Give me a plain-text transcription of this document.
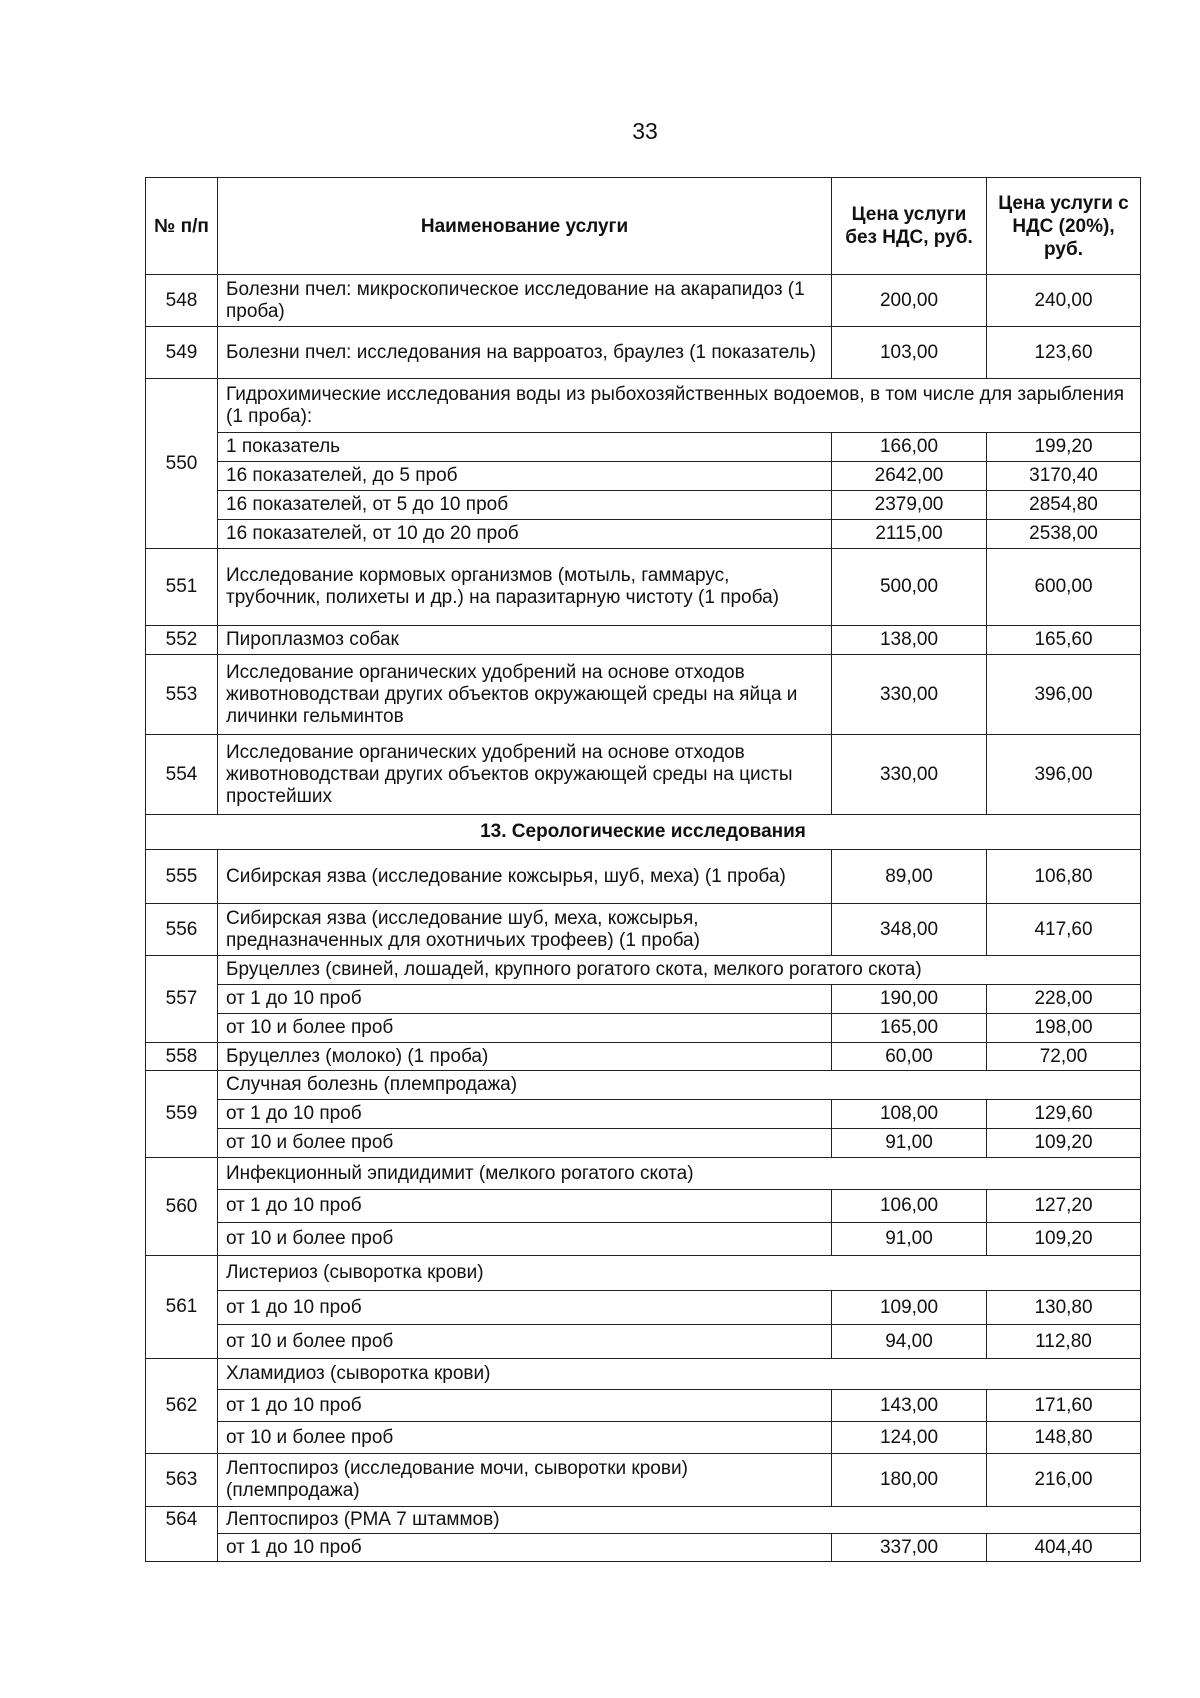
33
№ п/п	Наименование услуги	Цена услуги без НДС, руб.	Цена услуги с НДС (20%), руб.
548	Болезни пчел: микроскопическое исследование на акарапидоз (1 проба)	200,00	240,00
549	Болезни пчел: исследования на варроатоз, браулез (1 показатель)	103,00	123,60
550	Гидрохимические исследования воды из рыбохозяйственных водоемов, в том числе для зарыбления (1 проба):		
	1 показатель	166,00	199,20
	16 показателей, до 5 проб	2642,00	3170,40
	16 показателей, от 5 до 10 проб	2379,00	2854,80
	16 показателей, от 10 до 20 проб	2115,00	2538,00
551	Исследование кормовых организмов (мотыль, гаммарус, трубочник, полихеты и др.) на паразитарную чистоту (1 проба)	500,00	600,00
552	Пироплазмоз собак	138,00	165,60
553	Исследование органических удобрений на основе отходов животноводстваи других объектов окружающей среды на яйца и личинки гельминтов	330,00	396,00
554	Исследование органических удобрений на основе отходов животноводстваи других объектов окружающей среды на цисты простейших	330,00	396,00
13. Серологические исследования			
555	Сибирская язва (исследование кожсырья, шуб, меха) (1 проба)	89,00	106,80
556	Сибирская язва (исследование шуб, меха, кожсырья, предназначенных для охотничьих трофеев) (1 проба)	348,00	417,60
557	Бруцеллез (свиней, лошадей, крупного рогатого скота, мелкого рогатого скота)		
	от 1 до 10 проб	190,00	228,00
	от 10 и более проб	165,00	198,00
558	Бруцеллез (молоко) (1 проба)	60,00	72,00
559	Случная болезнь (племпродажа)		
	от 1 до 10 проб	108,00	129,60
	от 10 и более проб	91,00	109,20
560	Инфекционный эпидидимит (мелкого рогатого скота)		
	от 1 до 10 проб	106,00	127,20
	от 10 и более проб	91,00	109,20
561	Листериоз (сыворотка крови)		
	от 1 до 10 проб	109,00	130,80
	от 10 и более проб	94,00	112,80
562	Хламидиоз (сыворотка крови)		
	от 1 до 10 проб	143,00	171,60
	от 10 и более проб	124,00	148,80
563	Лептоспироз (исследование мочи, сыворотки крови) (племпродажа)	180,00	216,00
564	Лептоспироз (РМА 7 штаммов)		
	от 1 до 10 проб	337,00	404,40
